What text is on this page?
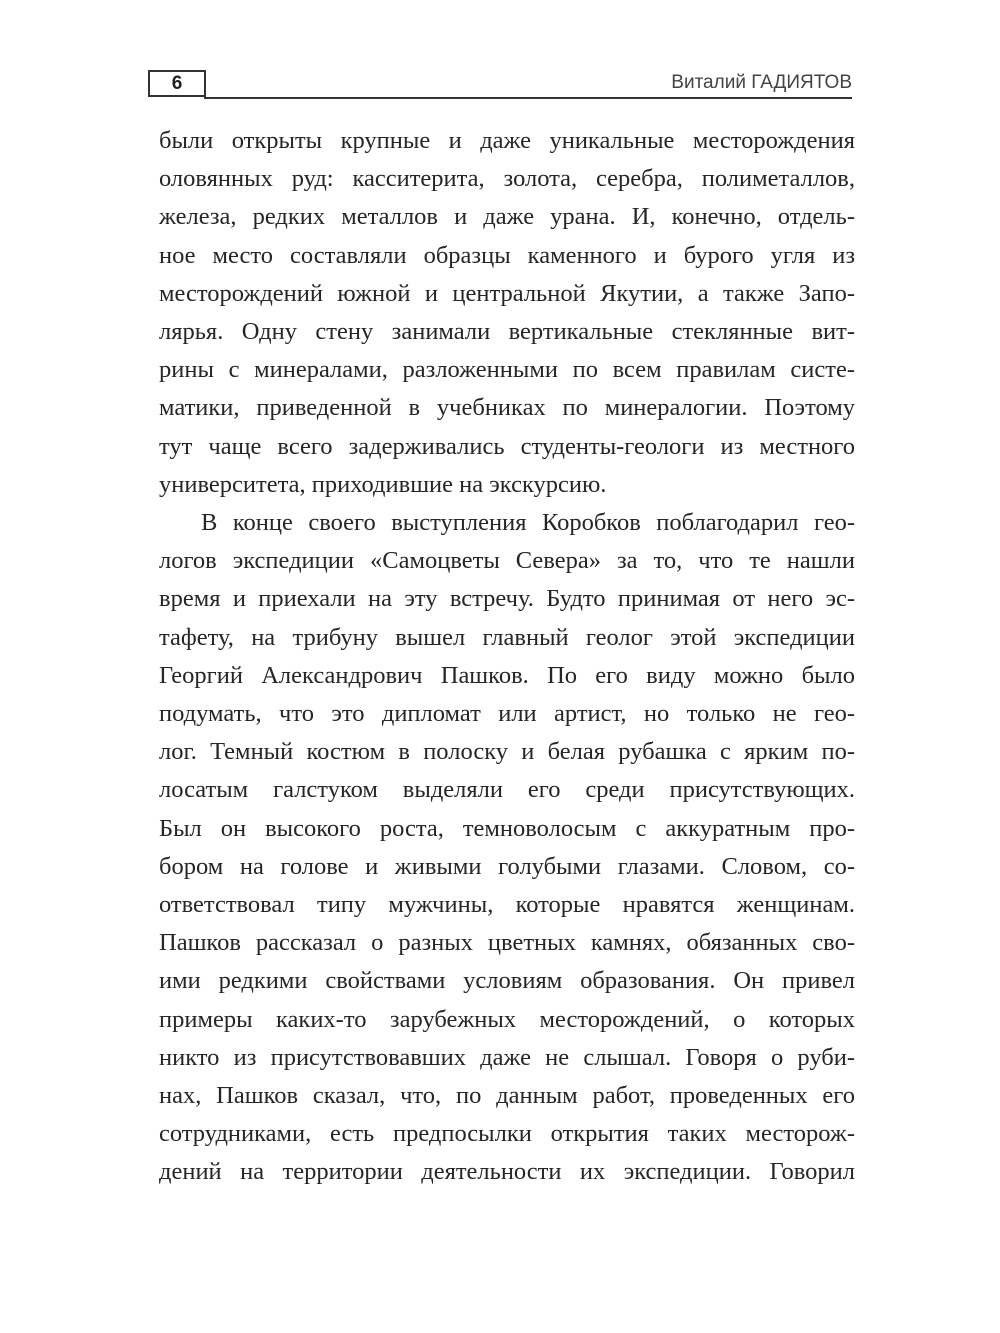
6	Виталий ГАДИЯТОВ

были открыты крупные и даже уникальные месторождения
оловянных руд: касситерита, золота, серебра, полиметаллов,
железа, редких металлов и даже урана. И, конечно, отдель-
ное место составляли образцы каменного и бурого угля из
месторождений южной и центральной Якутии, а также Запо-
лярья. Одну стену занимали вертикальные стеклянные вит-
рины с минералами, разложенными по всем правилам систе-
матики, приведенной в учебниках по минералогии. Поэтому
тут чаще всего задерживались студенты-геологи из местного
университета, приходившие на экскурсию.

В конце своего выступления Коробков поблагодарил гео-
логов экспедиции «Самоцветы Севера» за то, что те нашли
время и приехали на эту встречу. Будто принимая от него эс-
тафету, на трибуну вышел главный геолог этой экспедиции
Георгий Александрович Пашков. По его виду можно было
подумать, что это дипломат или артист, но только не гео-
лог. Темный костюм в полоску и белая рубашка с ярким по-
лосатым галстуком выделяли его среди присутствующих.
Был он высокого роста, темноволосым с аккуратным про-
бором на голове и живыми голубыми глазами. Словом, со-
ответствовал типу мужчины, которые нравятся женщинам.
Пашков рассказал о разных цветных камнях, обязанных сво-
ими редкими свойствами условиям образования. Он привел
примеры каких-то зарубежных месторождений, о которых
никто из присутствовавших даже не слышал. Говоря о руби-
нах, Пашков сказал, что, по данным работ, проведенных его
сотрудниками, есть предпосылки открытия таких месторож-
дений на территории деятельности их экспедиции. Говорил
